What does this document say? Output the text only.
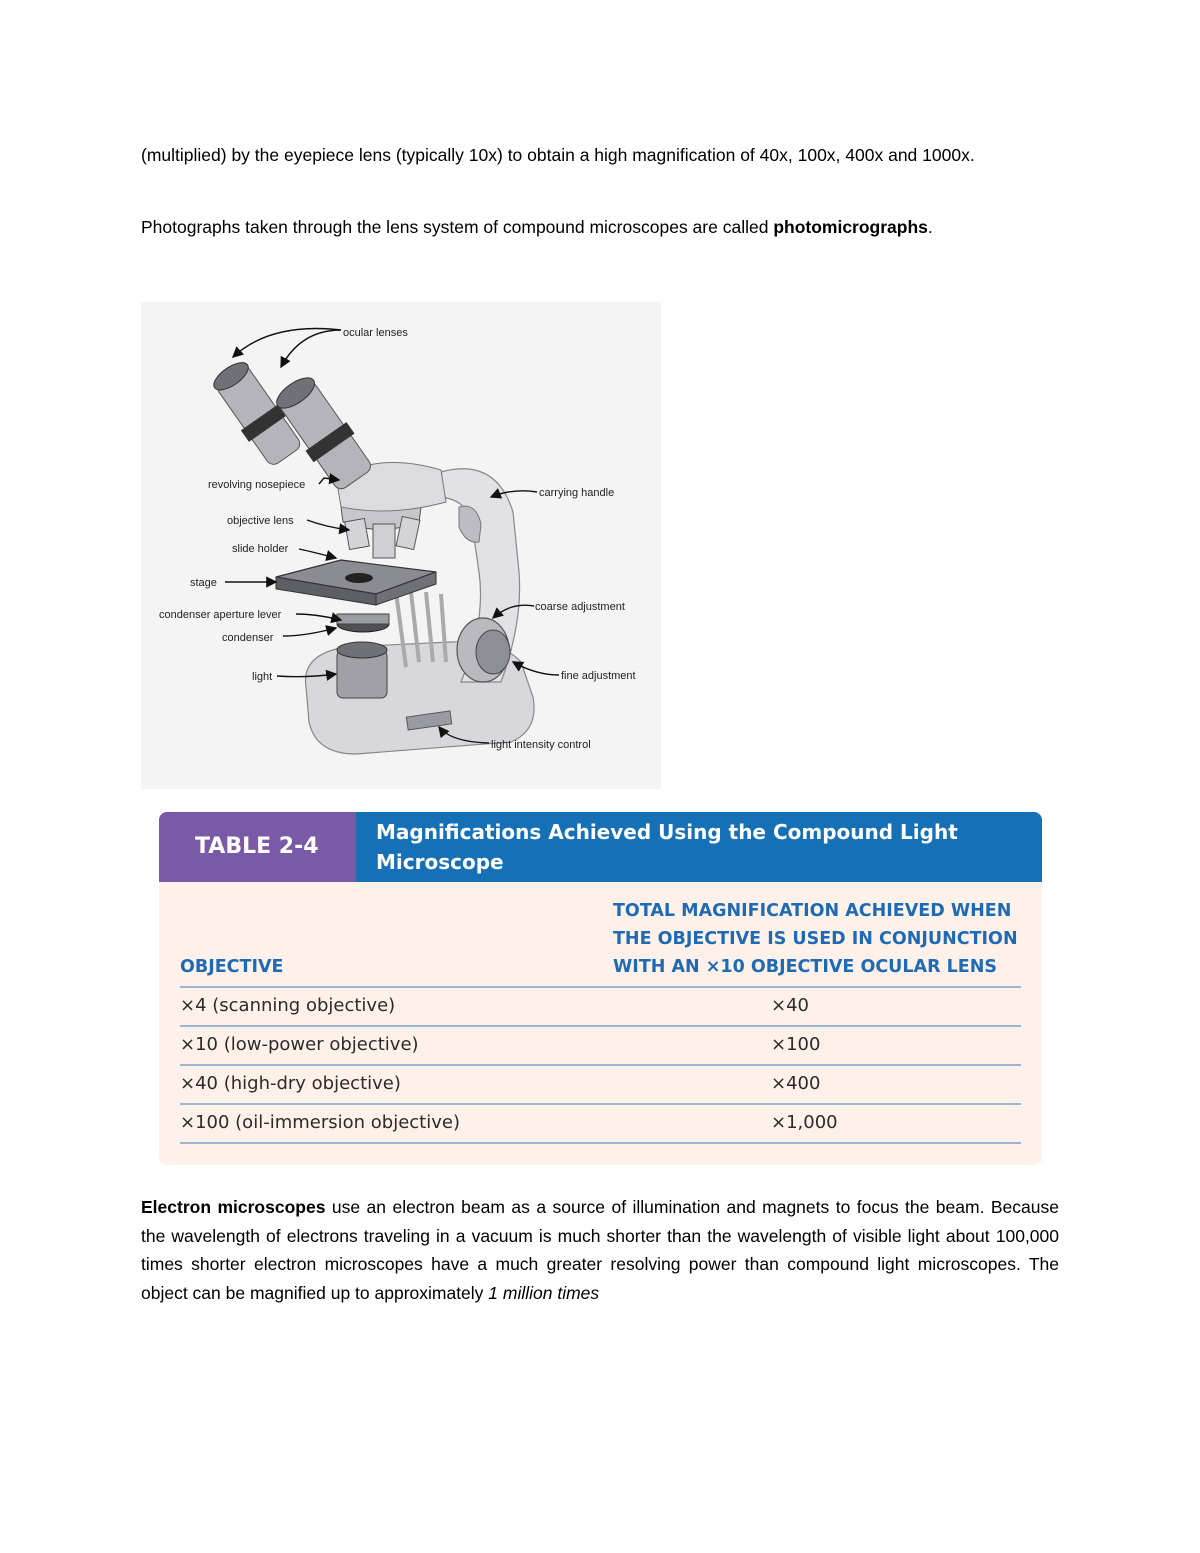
(multiplied) by the eyepiece lens (typically 10x) to obtain a high magnification of 40x, 100x, 400x and 1000x.

Photographs taken through the lens system of compound microscopes are called photomicrographs.

ocular lenses
revolving nosepiece
carrying handle
objective lens
slide holder
stage
condenser aperture lever
coarse adjustment
condenser
light	fine adjustment
light intensity control
TABLE 2-4
Magnifications Achieved Using the Compound Light
Microscope
OBJECTIVE
TOTAL MAGNIFICATION ACHIEVED WHEN
THE OBJECTIVE IS USED IN CONJUNCTION
WITH AN ×10 OBJECTIVE OCULAR LENS
×4 (scanning objective)	×40
×10 (low-power objective)	×100
×40 (high-dry objective)	×400
×100 (oil-immersion objective)	×1,000

Electron microscopes use an electron beam as a source of illumination and magnets to focus the beam. Because the wavelength of electrons traveling in a vacuum is much shorter than the wavelength of visible light about 100,000 times shorter electron microscopes have a much greater resolving power than compound light microscopes. The object can be magnified up to approximately 1 million times
